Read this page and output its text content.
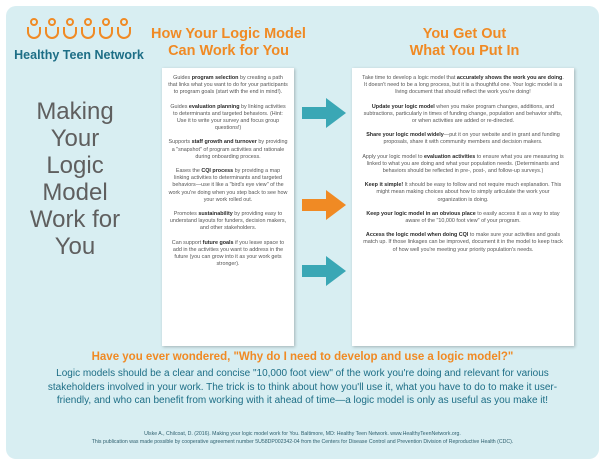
Healthy Teen Network
Making
Your
Logic
Model
Work for
You
How Your Logic Model
Can Work for You
You Get Out
What You Put In

Guides program selection by creating a path that links what you want to do for your participants to program goals (start with the end in mind!).

Guides evaluation planning by linking activities to determinants and targeted behaviors. (Hint: Use it to write your survey and focus group questions!)

Supports staff growth and turnover by providing a "snapshot" of program activities and rationale during onboarding process.

Eases the CQI process by providing a map linking activities to determinants and targeted behaviors—use it like a "bird's eye view" of the work you're doing when you step back to see how your work rolled out.

Promotes sustainability by providing easy to understand layouts for funders, decision makers, and other stakeholders.

Can support future goals if you leave space to add in the activities you want to address in the future (you can grow into it as your work gets stronger).

Take time to develop a logic model that accurately shows the work you are doing. It doesn't need to be a long process, but it is a thoughtful one. Your logic model is a living document that should reflect the work you're doing!

Update your logic model when you make program changes, additions, and subtractions, particularly in times of funding change, population and behavior shifts, or when activities are added or re-directed.

Share your logic model widely—put it on your website and in grant and funding proposals, share it with community members and decision makers.

Apply your logic model to evaluation activities to ensure what you are measuring is linked to what you are doing and what your population needs. (Determinants and behaviors should be reflected in pre-, post-, and follow-up surveys.)

Keep it simple! It should be easy to follow and not require much explanation. This might mean making choices about how to simply articulate the work your organization is doing.

Keep your logic model in an obvious place to easily access it as a way to stay aware of the "10,000 foot view" of your program.

Access the logic model when doing CQI to make sure your activities and goals match up. If those linkages can be improved, document it in the model to keep track of how well you're meeting your priority population's needs.

Have you ever wondered, "Why do I need to develop and use a logic model?"
Logic models should be a clear and concise "10,000 foot view" of the work you're doing and relevant for various stakeholders involved in your work. The trick is to think about how you'll use it, what you have to do to make it user-friendly, and who can benefit from working with it ahead of time—a logic model is only as useful as you make it!
Ulske A., Chilcoat, D. (2016). Making your logic model work for You. Baltimore, MD: Healthy Teen Network. www.HealthyTeenNetwork.org.
This publication was made possible by cooperative agreement number 5U58DP002342-04 from the Centers for Disease Control and Prevention Division of Reproductive Health (CDC).
